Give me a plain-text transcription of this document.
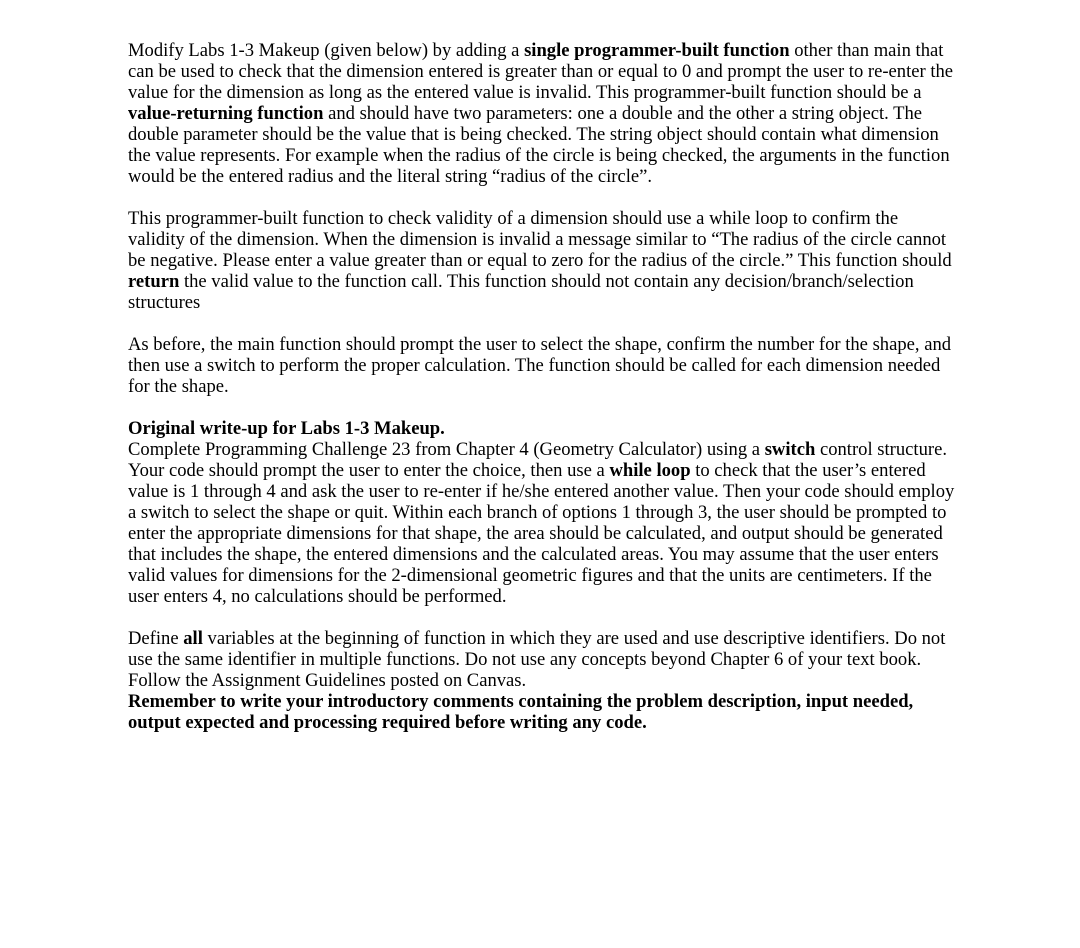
Modify Labs 1-3 Makeup (given below) by adding a single programmer-built function other than main that can be used to check that the dimension entered is greater than or equal to 0 and prompt the user to re-enter the value for the dimension as long as the entered value is invalid. This programmer-built function should be a value-returning function and should have two parameters: one a double and the other a string object. The double parameter should be the value that is being checked. The string object should contain what dimension the value represents. For example when the radius of the circle is being checked, the arguments in the function would be the entered radius and the literal string “radius of the circle”.

This programmer-built function to check validity of a dimension should use a while loop to confirm the validity of the dimension. When the dimension is invalid a message similar to “The radius of the circle cannot be negative. Please enter a value greater than or equal to zero for the radius of the circle.” This function should return the valid value to the function call. This function should not contain any decision/branch/selection structures

As before, the main function should prompt the user to select the shape, confirm the number for the shape, and then use a switch to perform the proper calculation. The function should be called for each dimension needed for the shape.

Original write-up for Labs 1-3 Makeup.
Complete Programming Challenge 23 from Chapter 4 (Geometry Calculator) using a switch control structure. Your code should prompt the user to enter the choice, then use a while loop to check that the user’s entered value is 1 through 4 and ask the user to re-enter if he/she entered another value. Then your code should employ a switch to select the shape or quit. Within each branch of options 1 through 3, the user should be prompted to enter the appropriate dimensions for that shape, the area should be calculated, and output should be generated that includes the shape, the entered dimensions and the calculated areas. You may assume that the user enters valid values for dimensions for the 2-dimensional geometric figures and that the units are centimeters. If the user enters 4, no calculations should be performed.

Define all variables at the beginning of function in which they are used and use descriptive identifiers. Do not use the same identifier in multiple functions. Do not use any concepts beyond Chapter 6 of your text book. Follow the Assignment Guidelines posted on Canvas.
Remember to write your introductory comments containing the problem description, input needed, output expected and processing required before writing any code.
